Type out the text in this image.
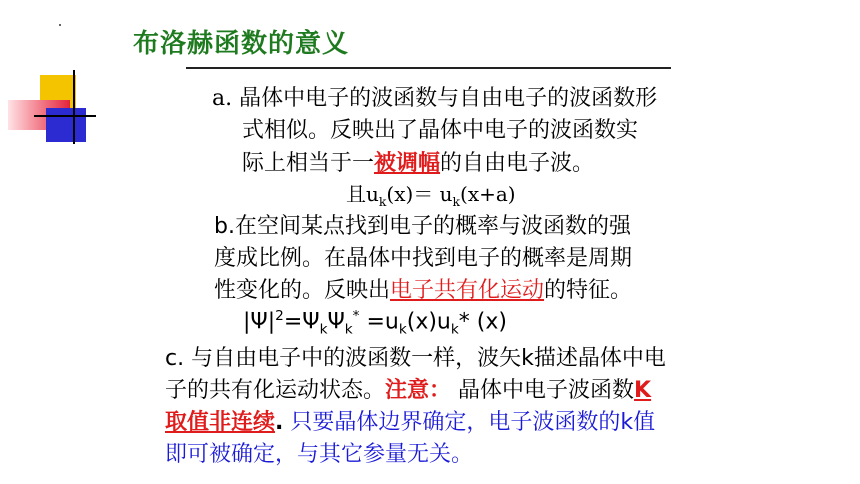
布洛赫函数的意义
a. 晶体中电子的波函数与自由电子的波函数形
式相似。反映出了晶体中电子的波函数实
际上相当于一被调幅的自由电子波。
且$u_k(x)= u_k(x+a)$
b.在空间某点找到电子的概率与波函数的强
度成比例。在晶体中找到电子的概率是周期
性变化的。反映出电子共有化运动的特征。
$|\Psi|^2=\Psi_k\Psi_k^* =u_k(x)u_k*$ (x)
c. 与自由电子中的波函数一样，波矢k描述晶体中电
子的共有化运动状态。注意： 晶体中电子波函数K
取值非连续. 只要晶体边界确定，电子波函数的k值
即可被确定，与其它参量无关。
